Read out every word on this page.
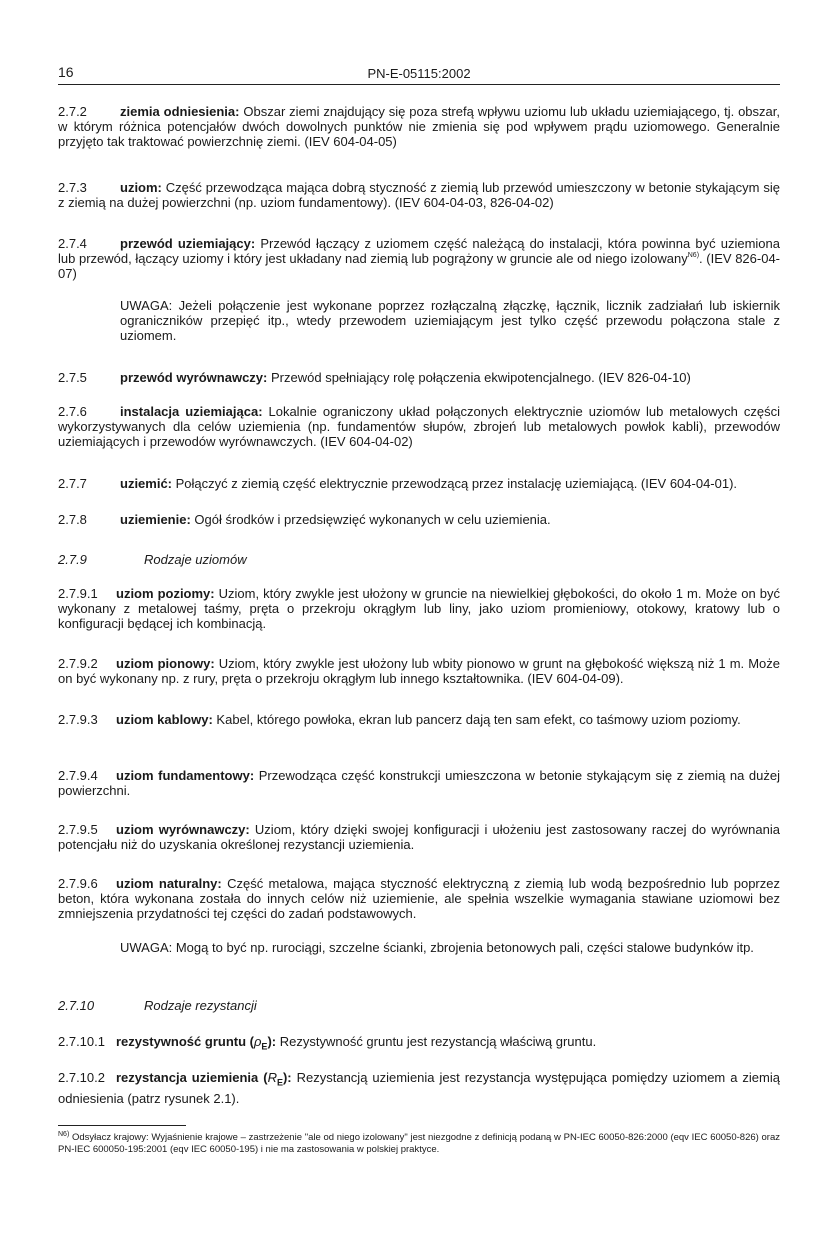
16	PN-E-05115:2002
2.7.2	ziemia odniesienia: Obszar ziemi znajdujący się poza strefą wpływu uziomu lub układu uziemiającego, tj. obszar, w którym różnica potencjałów dwóch dowolnych punktów nie zmienia się pod wpływem prądu uziomowego. Generalnie przyjęto tak traktować powierzchnię ziemi. (IEV 604-04-05)
2.7.3	uziom: Część przewodząca mająca dobrą styczność z ziemią lub przewód umieszczony w betonie stykającym się z ziemią na dużej powierzchni (np. uziom fundamentowy). (IEV 604-04-03, 826-04-02)
2.7.4	przewód uziemiający: Przewód łączący z uziomem część należącą do instalacji, która powinna być uziemiona lub przewód, łączący uziomy i który jest układany nad ziemią lub pogrążony w gruncie ale od niego izolowany$^{N6)}$. (IEV 826-04-07)
UWAGA: Jeżeli połączenie jest wykonane poprzez rozłączalną złączkę, łącznik, licznik zadziałań lub iskiernik ograniczników przepięć itp., wtedy przewodem uziemiającym jest tylko część przewodu połączona stale z uziomem.
2.7.5	przewód wyrównawczy: Przewód spełniający rolę połączenia ekwipotencjalnego. (IEV 826-04-10)
2.7.6	instalacja uziemiająca: Lokalnie ograniczony układ połączonych elektrycznie uziomów lub metalowych części wykorzystywanych dla celów uziemienia (np. fundamentów słupów, zbrojeń lub metalowych powłok kabli), przewodów uziemiających i przewodów wyrównawczych. (IEV 604-04-02)
2.7.7	uziemić: Połączyć z ziemią część elektrycznie przewodzącą przez instalację uziemiającą. (IEV 604-04-01).
2.7.8	uziemienie: Ogół środków i przedsięwzięć wykonanych w celu uziemienia.
2.7.9	Rodzaje uziomów
2.7.9.1 uziom poziomy: Uziom, który zwykle jest ułożony w gruncie na niewielkiej głębokości, do około 1 m. Może on być wykonany z metalowej taśmy, pręta o przekroju okrągłym lub liny, jako uziom promieniowy, otokowy, kratowy lub o konfiguracji będącej ich kombinacją.
2.7.9.2 uziom pionowy: Uziom, który zwykle jest ułożony lub wbity pionowo w grunt na głębokość większą niż 1 m. Może on być wykonany np. z rury, pręta o przekroju okrągłym lub innego kształtownika. (IEV 604-04-09).
2.7.9.3 uziom kablowy: Kabel, którego powłoka, ekran lub pancerz dają ten sam efekt, co taśmowy uziom poziomy.
2.7.9.4 uziom fundamentowy: Przewodząca część konstrukcji umieszczona w betonie stykającym się z ziemią na dużej powierzchni.
2.7.9.5 uziom wyrównawczy: Uziom, który dzięki swojej konfiguracji i ułożeniu jest zastosowany raczej do wyrównania potencjału niż do uzyskania określonej rezystancji uziemienia.
2.7.9.6 uziom naturalny: Część metalowa, mająca styczność elektryczną z ziemią lub wodą bezpośrednio lub poprzez beton, która wykonana została do innych celów niż uziemienie, ale spełnia wszelkie wymagania stawiane uziomowi bez zmniejszenia przydatności tej części do zadań podstawowych.
UWAGA: Mogą to być np. rurociągi, szczelne ścianki, zbrojenia betonowych pali, części stalowe budynków itp.
2.7.10	Rodzaje rezystancji
2.7.10.1 rezystywność gruntu $(\rho_E)$: Rezystywność gruntu jest rezystancją właściwą gruntu.
2.7.10.2 rezystancja uziemienia $(R_E)$: Rezystancją uziemienia jest rezystancja występująca pomiędzy uziomem a ziemią odniesienia (patrz rysunek 2.1).
$^{N6)}$ Odsyłacz krajowy: Wyjaśnienie krajowe – zastrzeżenie "ale od niego izolowany" jest niezgodne z definicją podaną w PN-IEC 60050-826:2000 (eqv IEC 60050-826) oraz PN-IEC 600050-195:2001 (eqv IEC 60050-195) i nie ma zastosowania w polskiej praktyce.
